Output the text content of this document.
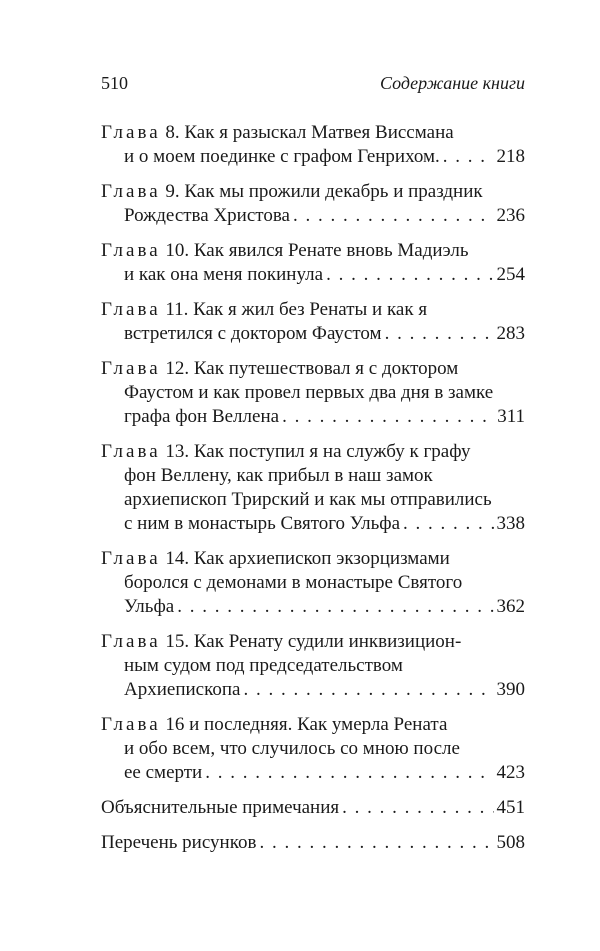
510	Содержание книги
Глава 8. Как я разыскал Матвея Виссмана
и о моем поединке с графом Генрихом. . . .	218
Глава 9. Как мы прожили декабрь и праздник
Рождества Христова . . .	236
Глава 10. Как явился Ренате вновь Мадиэль
и как она меня покинула . . .	254
Глава 11. Как я жил без Ренаты и как я
встретился с доктором Фаустом . . .	283
Глава 12. Как путешествовал я с доктором
Фаустом и как провел первых два дня в замке
графа фон Веллена . . .	311
Глава 13. Как поступил я на службу к графу
фон Веллену, как прибыл в наш замок
архиепископ Трирский и как мы отправились
с ним в монастырь Святого Ульфа . . .	338
Глава 14. Как архиепископ экзорцизмами
боролся с демонами в монастыре Святого
Ульфа . . .	362
Глава 15. Как Ренату судили инквизицион-
ным судом под председательством
Архиепископа . . .	390
Глава 16 и последняя. Как умерла Рената
и обо всем, что случилось со мною после
ее смерти . . .	423
Объяснительные примечания . . .	451
Перечень рисунков . . .	508
